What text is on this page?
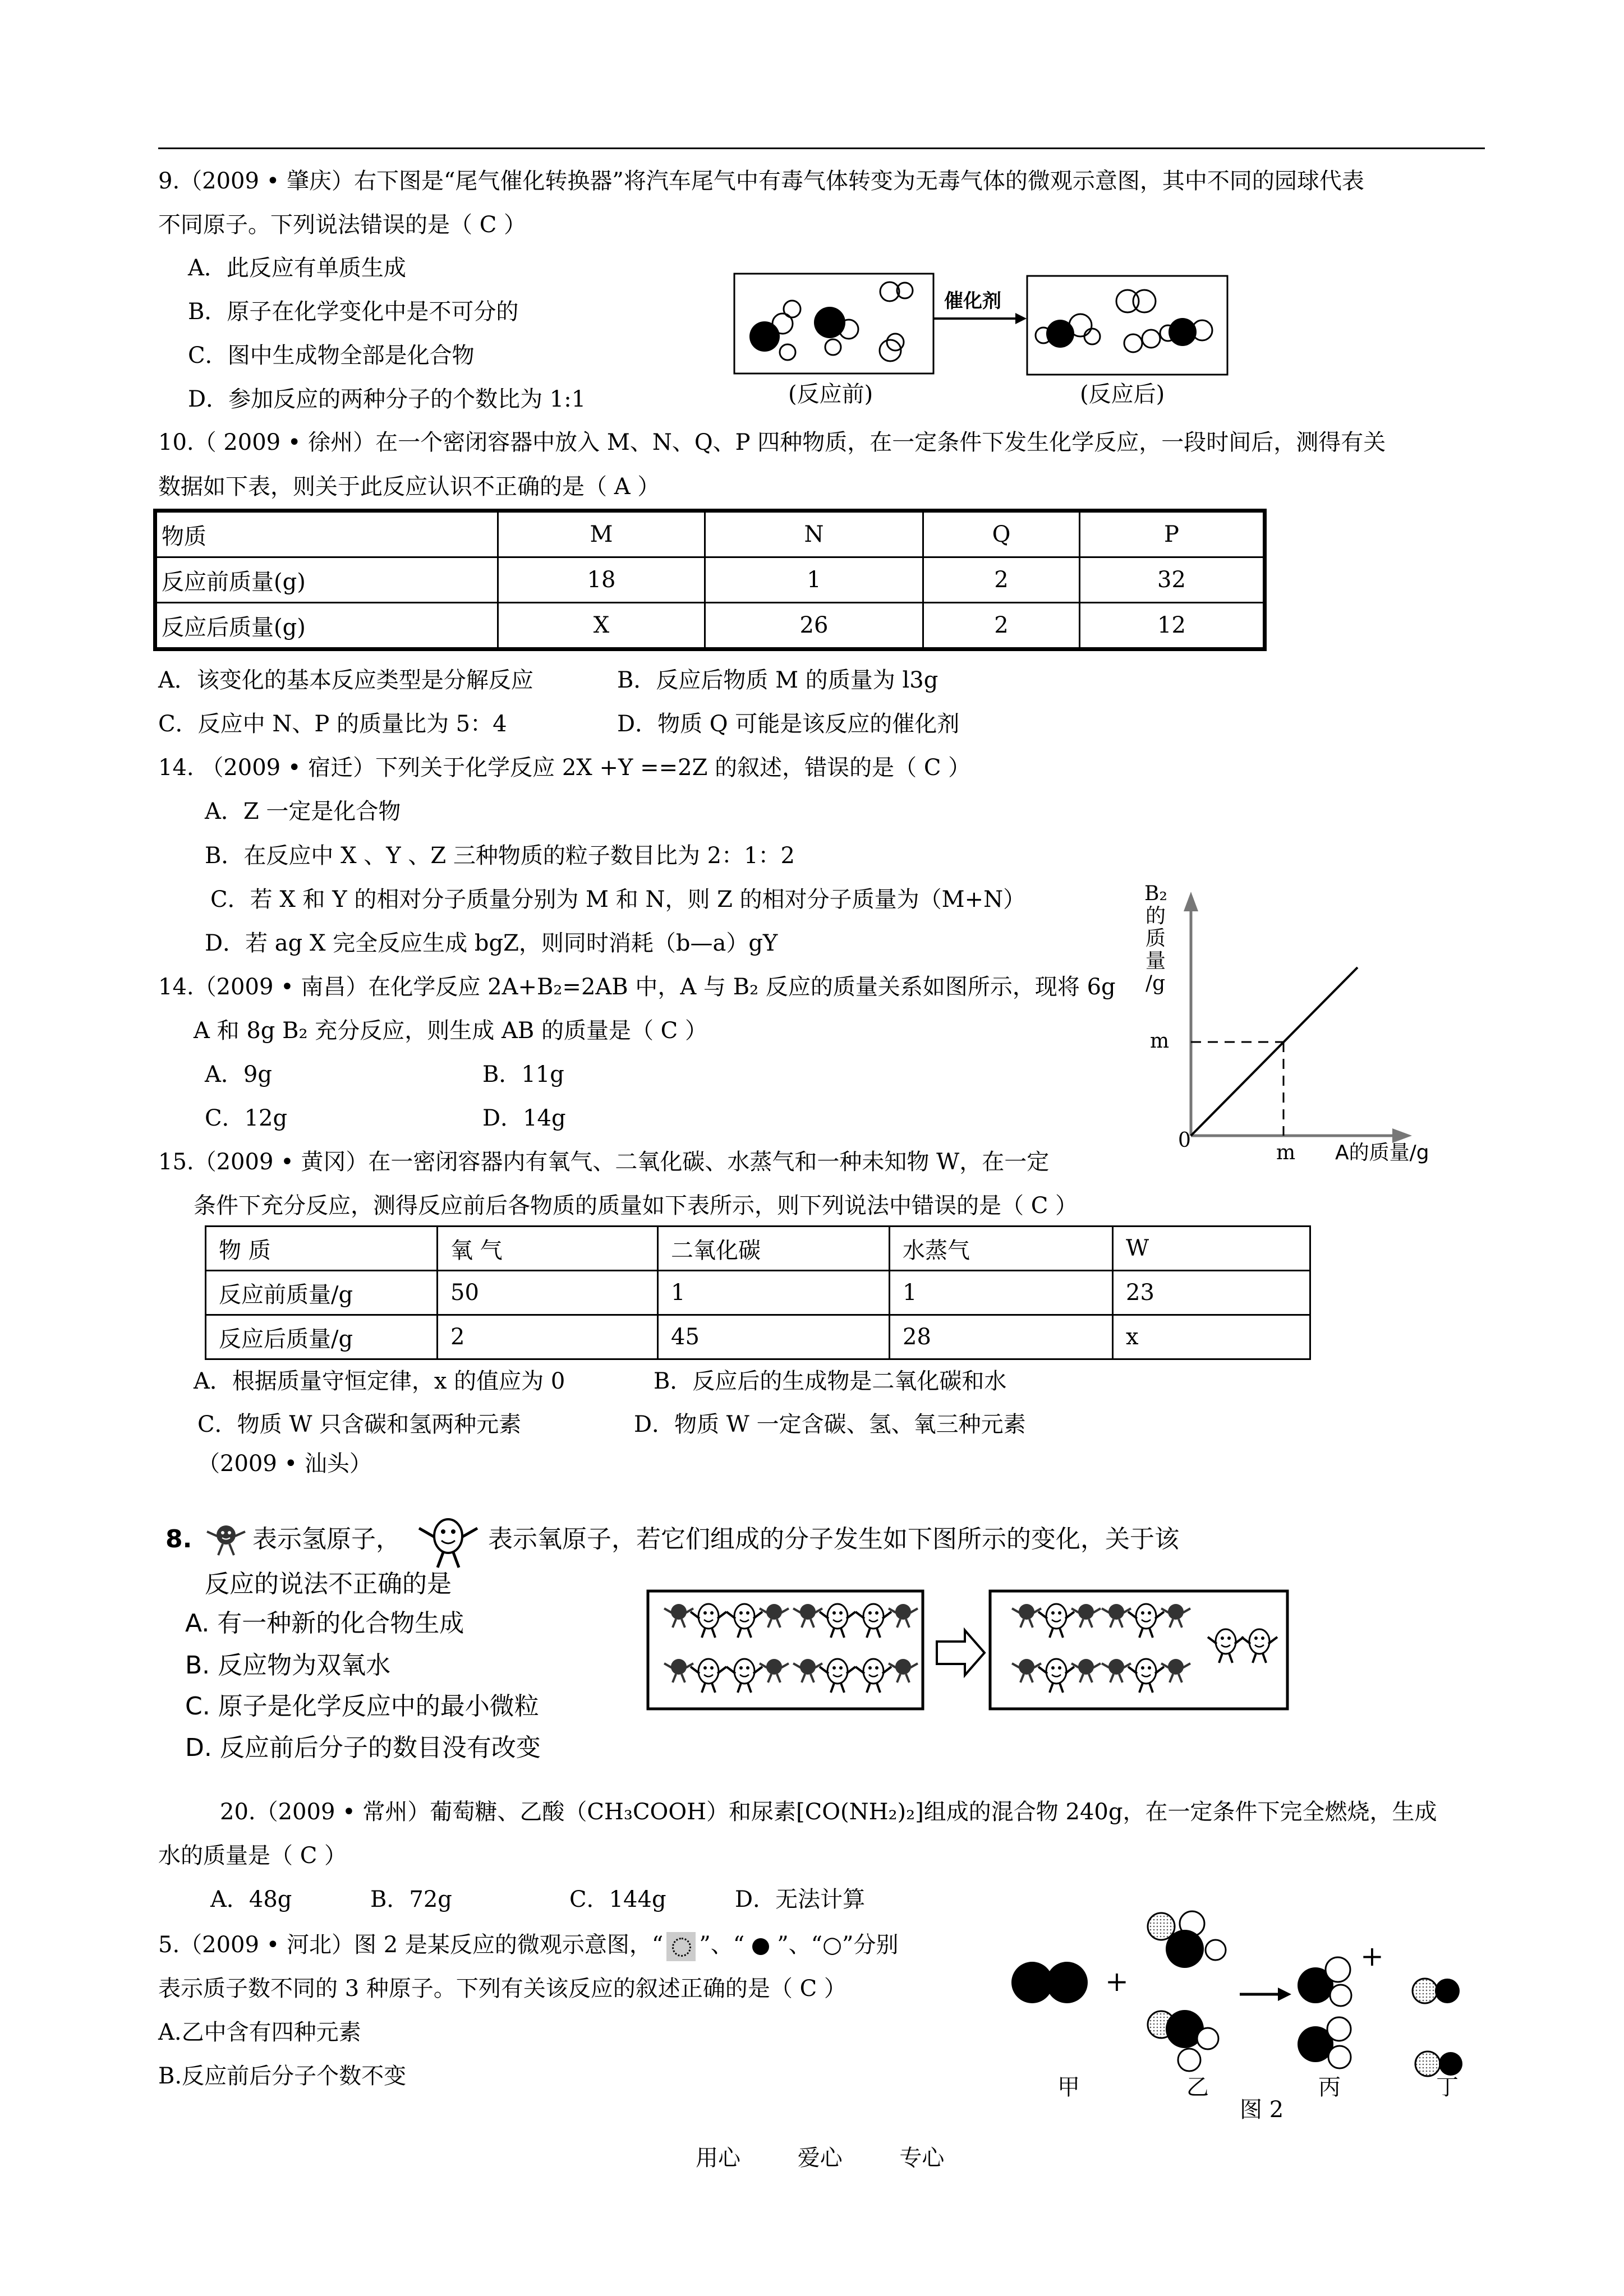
9.（2009 • 肇庆）右下图是“尾气催化转换器”将汽车尾气中有毒气体转变为无毒气体的微观示意图，其中不同的园球代表
不同原子。下列说法错误的是（ C ）
A．此反应有单质生成
B．原子在化学变化中是不可分的
C．图中生成物全部是化合物
D．参加反应的两种分子的个数比为 1:1
催化剂
(反应前)	(反应后)
10.（ 2009 • 徐州）在一个密闭容器中放入 M、N、Q、P 四种物质，在一定条件下发生化学反应，一段时间后，测得有关
数据如下表，则关于此反应认识不正确的是（ A ）
物质	M	N	Q	P
反应前质量(g)	18	1	2	32
反应后质量(g)	X	26	2	12
A．该变化的基本反应类型是分解反应	B．反应后物质 M 的质量为 l3g
C．反应中 N、P 的质量比为 5：4	D．物质 Q 可能是该反应的催化剂
14. （2009 • 宿迁）下列关于化学反应 2X +Y ==2Z 的叙述，错误的是（ C ）
A．Z 一定是化合物
B．在反应中 X 、Y 、Z 三种物质的粒子数目比为 2：1：2
C．若 X 和 Y 的相对分子质量分别为 M 和 N，则 Z 的相对分子质量为（M+N）
D．若 ag X 完全反应生成 bgZ，则同时消耗（b—a）gY
14.（2009 • 南昌）在化学反应 2A+B₂=2AB 中，A 与 B₂ 反应的质量关系如图所示，现将 6g
A 和 8g B₂ 充分反应，则生成 AB 的质量是（ C ）
A．9g	B．11g
C．12g	D．14g
B₂
的
质
量
/g
m
0
m A的质量/g
15.（2009 • 黄冈）在一密闭容器内有氧气、二氧化碳、水蒸气和一种未知物 W，在一定
条件下充分反应，测得反应前后各物质的质量如下表所示，则下列说法中错误的是（ C ）
物 质	氧 气	二氧化碳	水蒸气	W
反应前质量/g	50	1	1	23
反应后质量/g	2	45	28	x
A．根据质量守恒定律，x 的值应为 0	B．反应后的生成物是二氧化碳和水
C．物质 W 只含碳和氢两种元素	D．物质 W 一定含碳、氢、氧三种元素
（2009 • 汕头）
8. 表示氢原子，	表示氧原子，若它们组成的分子发生如下图所示的变化，关于该
反应的说法不正确的是
A. 有一种新的化合物生成
B. 反应物为双氧水
C. 原子是化学反应中的最小微粒
D. 反应前后分子的数目没有改变
20.（2009 • 常州）葡萄糖、乙酸（CH₃COOH）和尿素[CO(NH₂)₂]组成的混合物 240g，在一定条件下完全燃烧，生成
水的质量是（ C ）
A．48g	B．72g	C．144g	D．无法计算
5.（2009 • 河北）图 2 是某反应的微观示意图，“ ”、“ ”、“○”分别
表示质子数不同的 3 种原子。下列有关该反应的叙述正确的是（ C ）
A.乙中含有四种元素
B.反应前后分子个数不变
+
+
甲	乙	丙	丁
图 2
用心        爱心        专心
